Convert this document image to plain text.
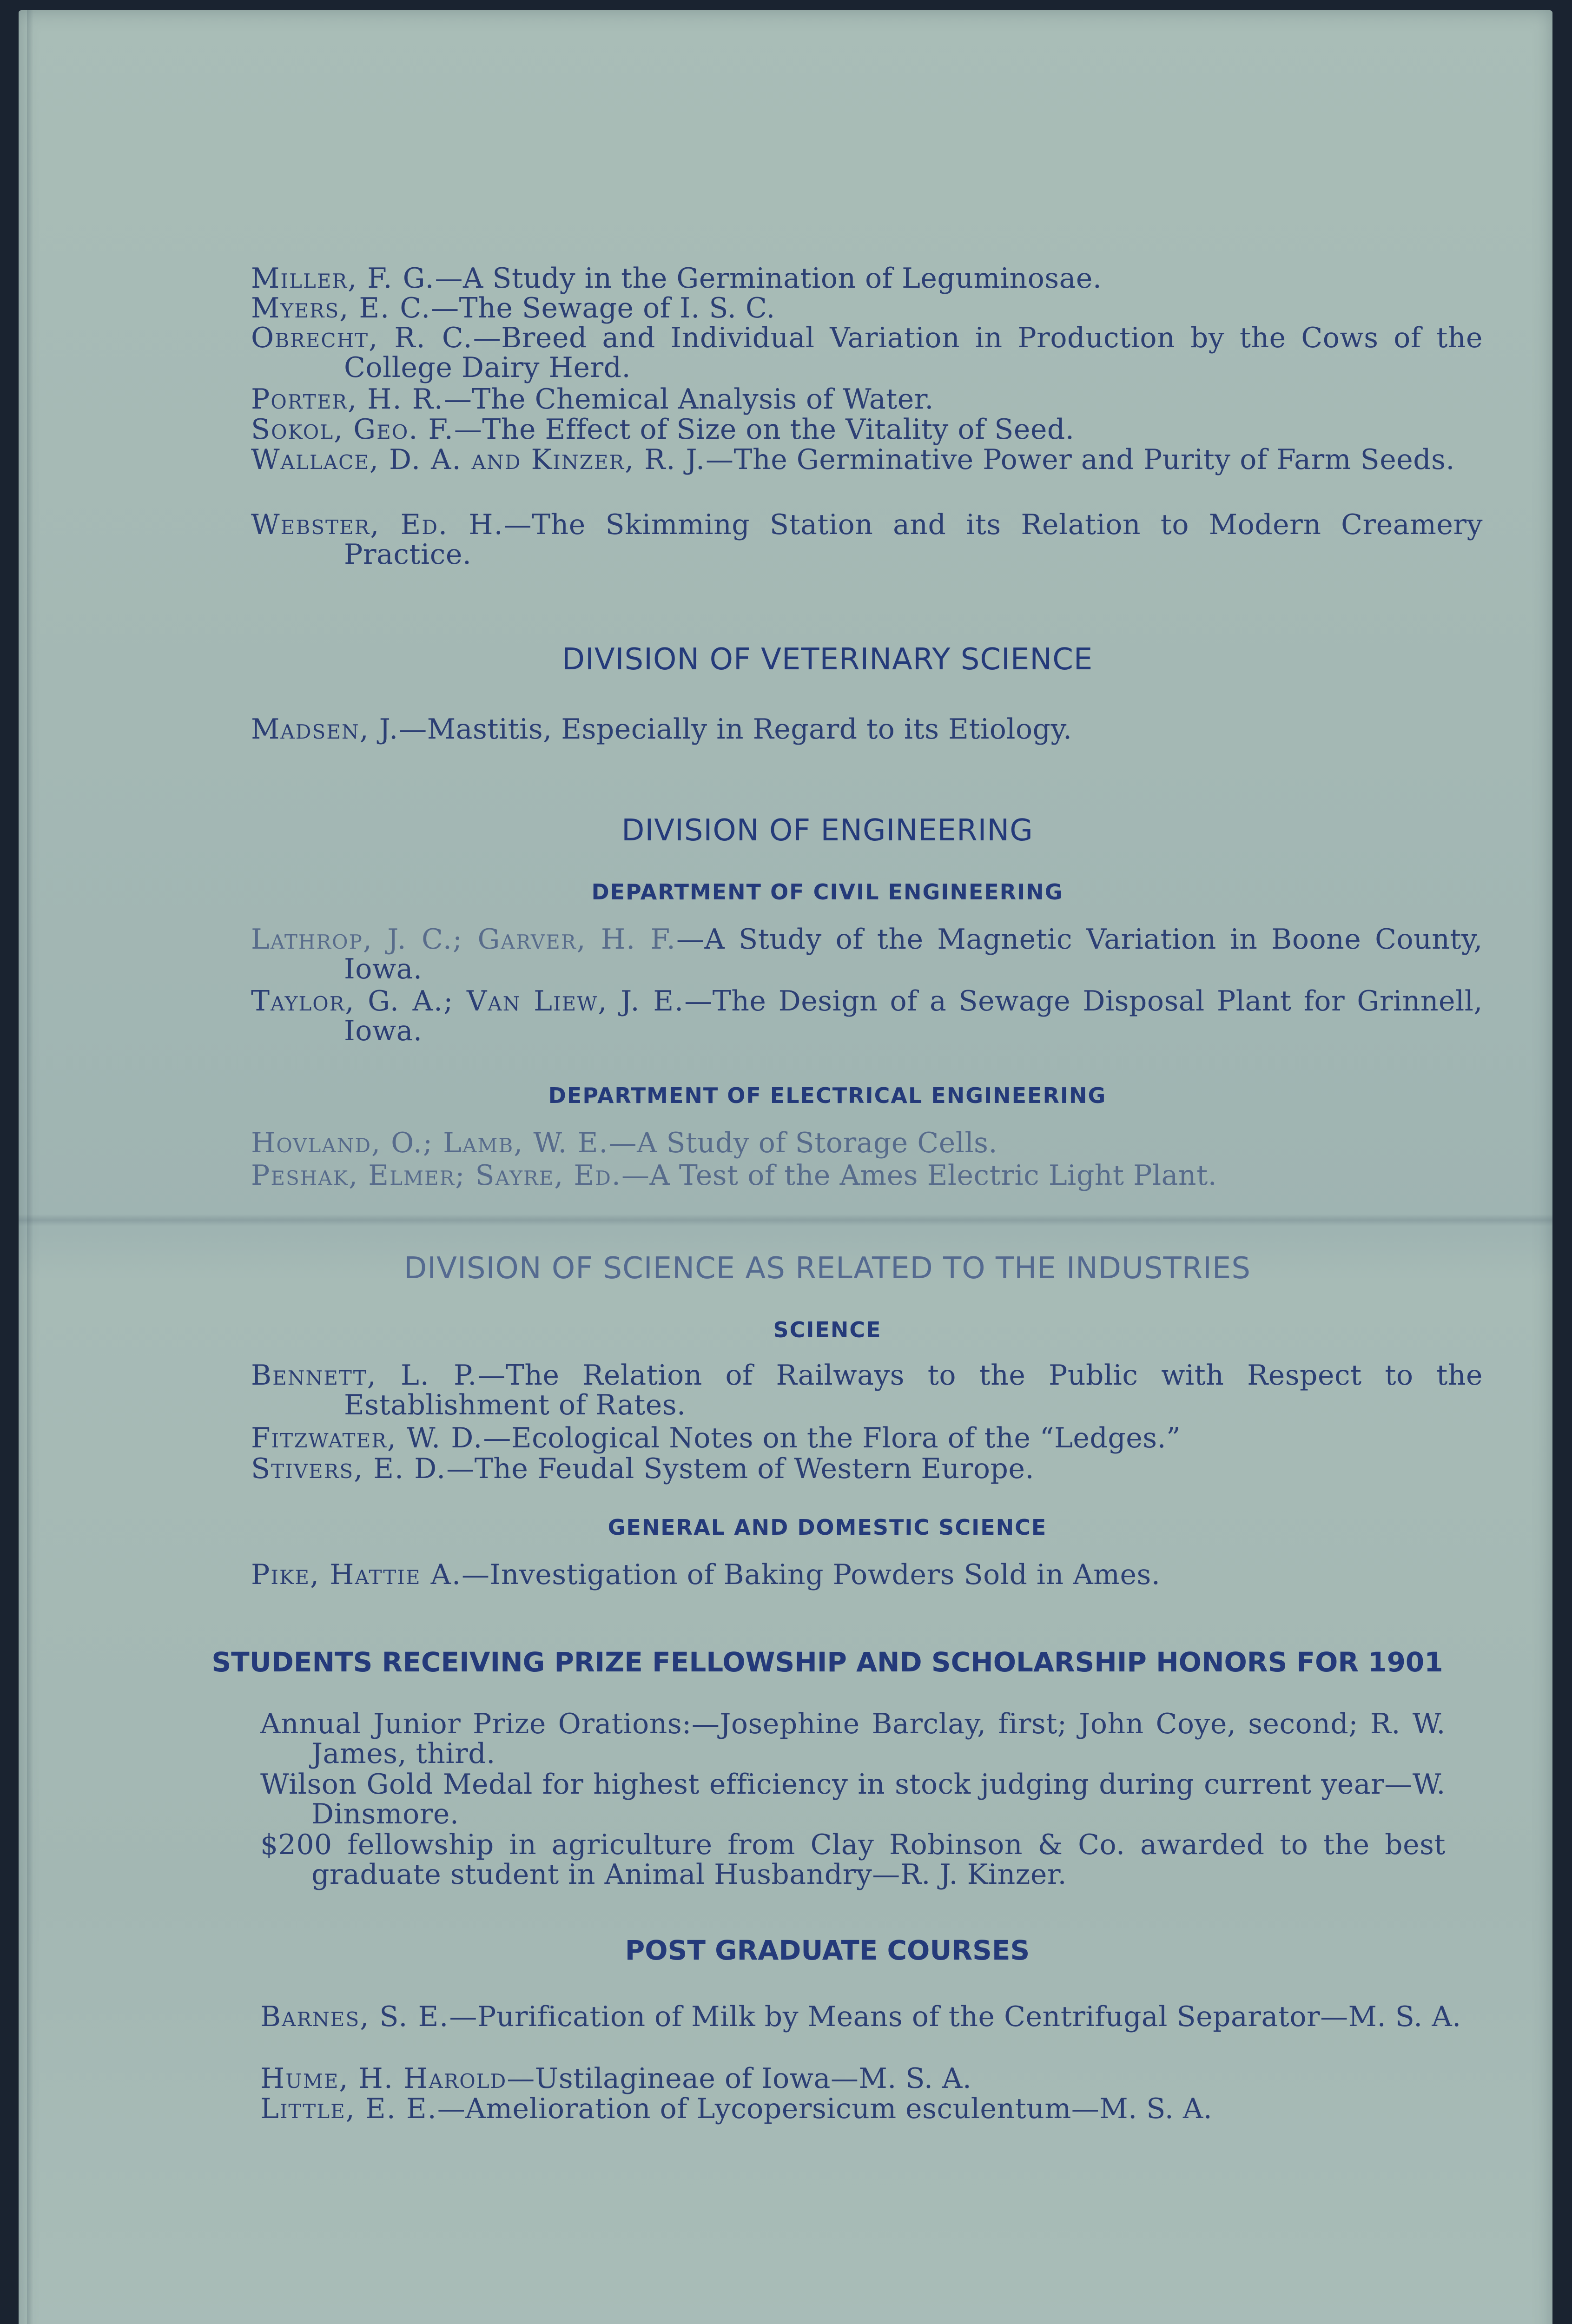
Miller, F. G.—A Study in the Germination of Leguminosae.

Myers, E. C.—The Sewage of I. S. C.

Obrecht, R. C.—Breed and Individual Variation in Production by the Cows of the College Dairy Herd.

Porter, H. R.—The Chemical Analysis of Water.

Sokol, Geo. F.—The Effect of Size on the Vitality of Seed.

Wallace, D. A. and Kinzer, R. J.—The Germinative Power and Purity of Farm Seeds.

Webster, Ed. H.—The Skimming Station and its Relation to Modern Creamery Practice.

DIVISION OF VETERINARY SCIENCE

Madsen, J.—Mastitis, Especially in Regard to its Etiology.

DIVISION OF ENGINEERING
DEPARTMENT OF CIVIL ENGINEERING

Lathrop, J. C.; Garver, H. F.—A Study of the Magnetic Variation in Boone County, Iowa.

Taylor, G. A.; Van Liew, J. E.—The Design of a Sewage Disposal Plant for Grinnell, Iowa.

DEPARTMENT OF ELECTRICAL ENGINEERING

Hovland, O.; Lamb, W. E.—A Study of Storage Cells.

Peshak, Elmer; Sayre, Ed.—A Test of the Ames Electric Light Plant.

DIVISION OF SCIENCE AS RELATED TO THE INDUSTRIES
SCIENCE

Bennett, L. P.—The Relation of Railways to the Public with Respect to the Establishment of Rates.

Fitzwater, W. D.—Ecological Notes on the Flora of the “Ledges.”

Stivers, E. D.—The Feudal System of Western Europe.

GENERAL AND DOMESTIC SCIENCE

Pike, Hattie A.—Investigation of Baking Powders Sold in Ames.

STUDENTS RECEIVING PRIZE FELLOWSHIP AND SCHOLARSHIP HONORS FOR 1901

Annual Junior Prize Orations:—Josephine Barclay, first; John Coye, second; R. W. James, third.

Wilson Gold Medal for highest efficiency in stock judging during current year—W. Dinsmore.

$200 fellowship in agriculture from Clay Robinson & Co. awarded to the best graduate student in Animal Husbandry—R. J. Kinzer.

POST GRADUATE COURSES

Barnes, S. E.—Purification of Milk by Means of the Centrifugal Separator—M. S. A.

Hume, H. Harold—Ustilagineae of Iowa—M. S. A.

Little, E. E.—Amelioration of Lycopersicum esculentum—M. S. A.
